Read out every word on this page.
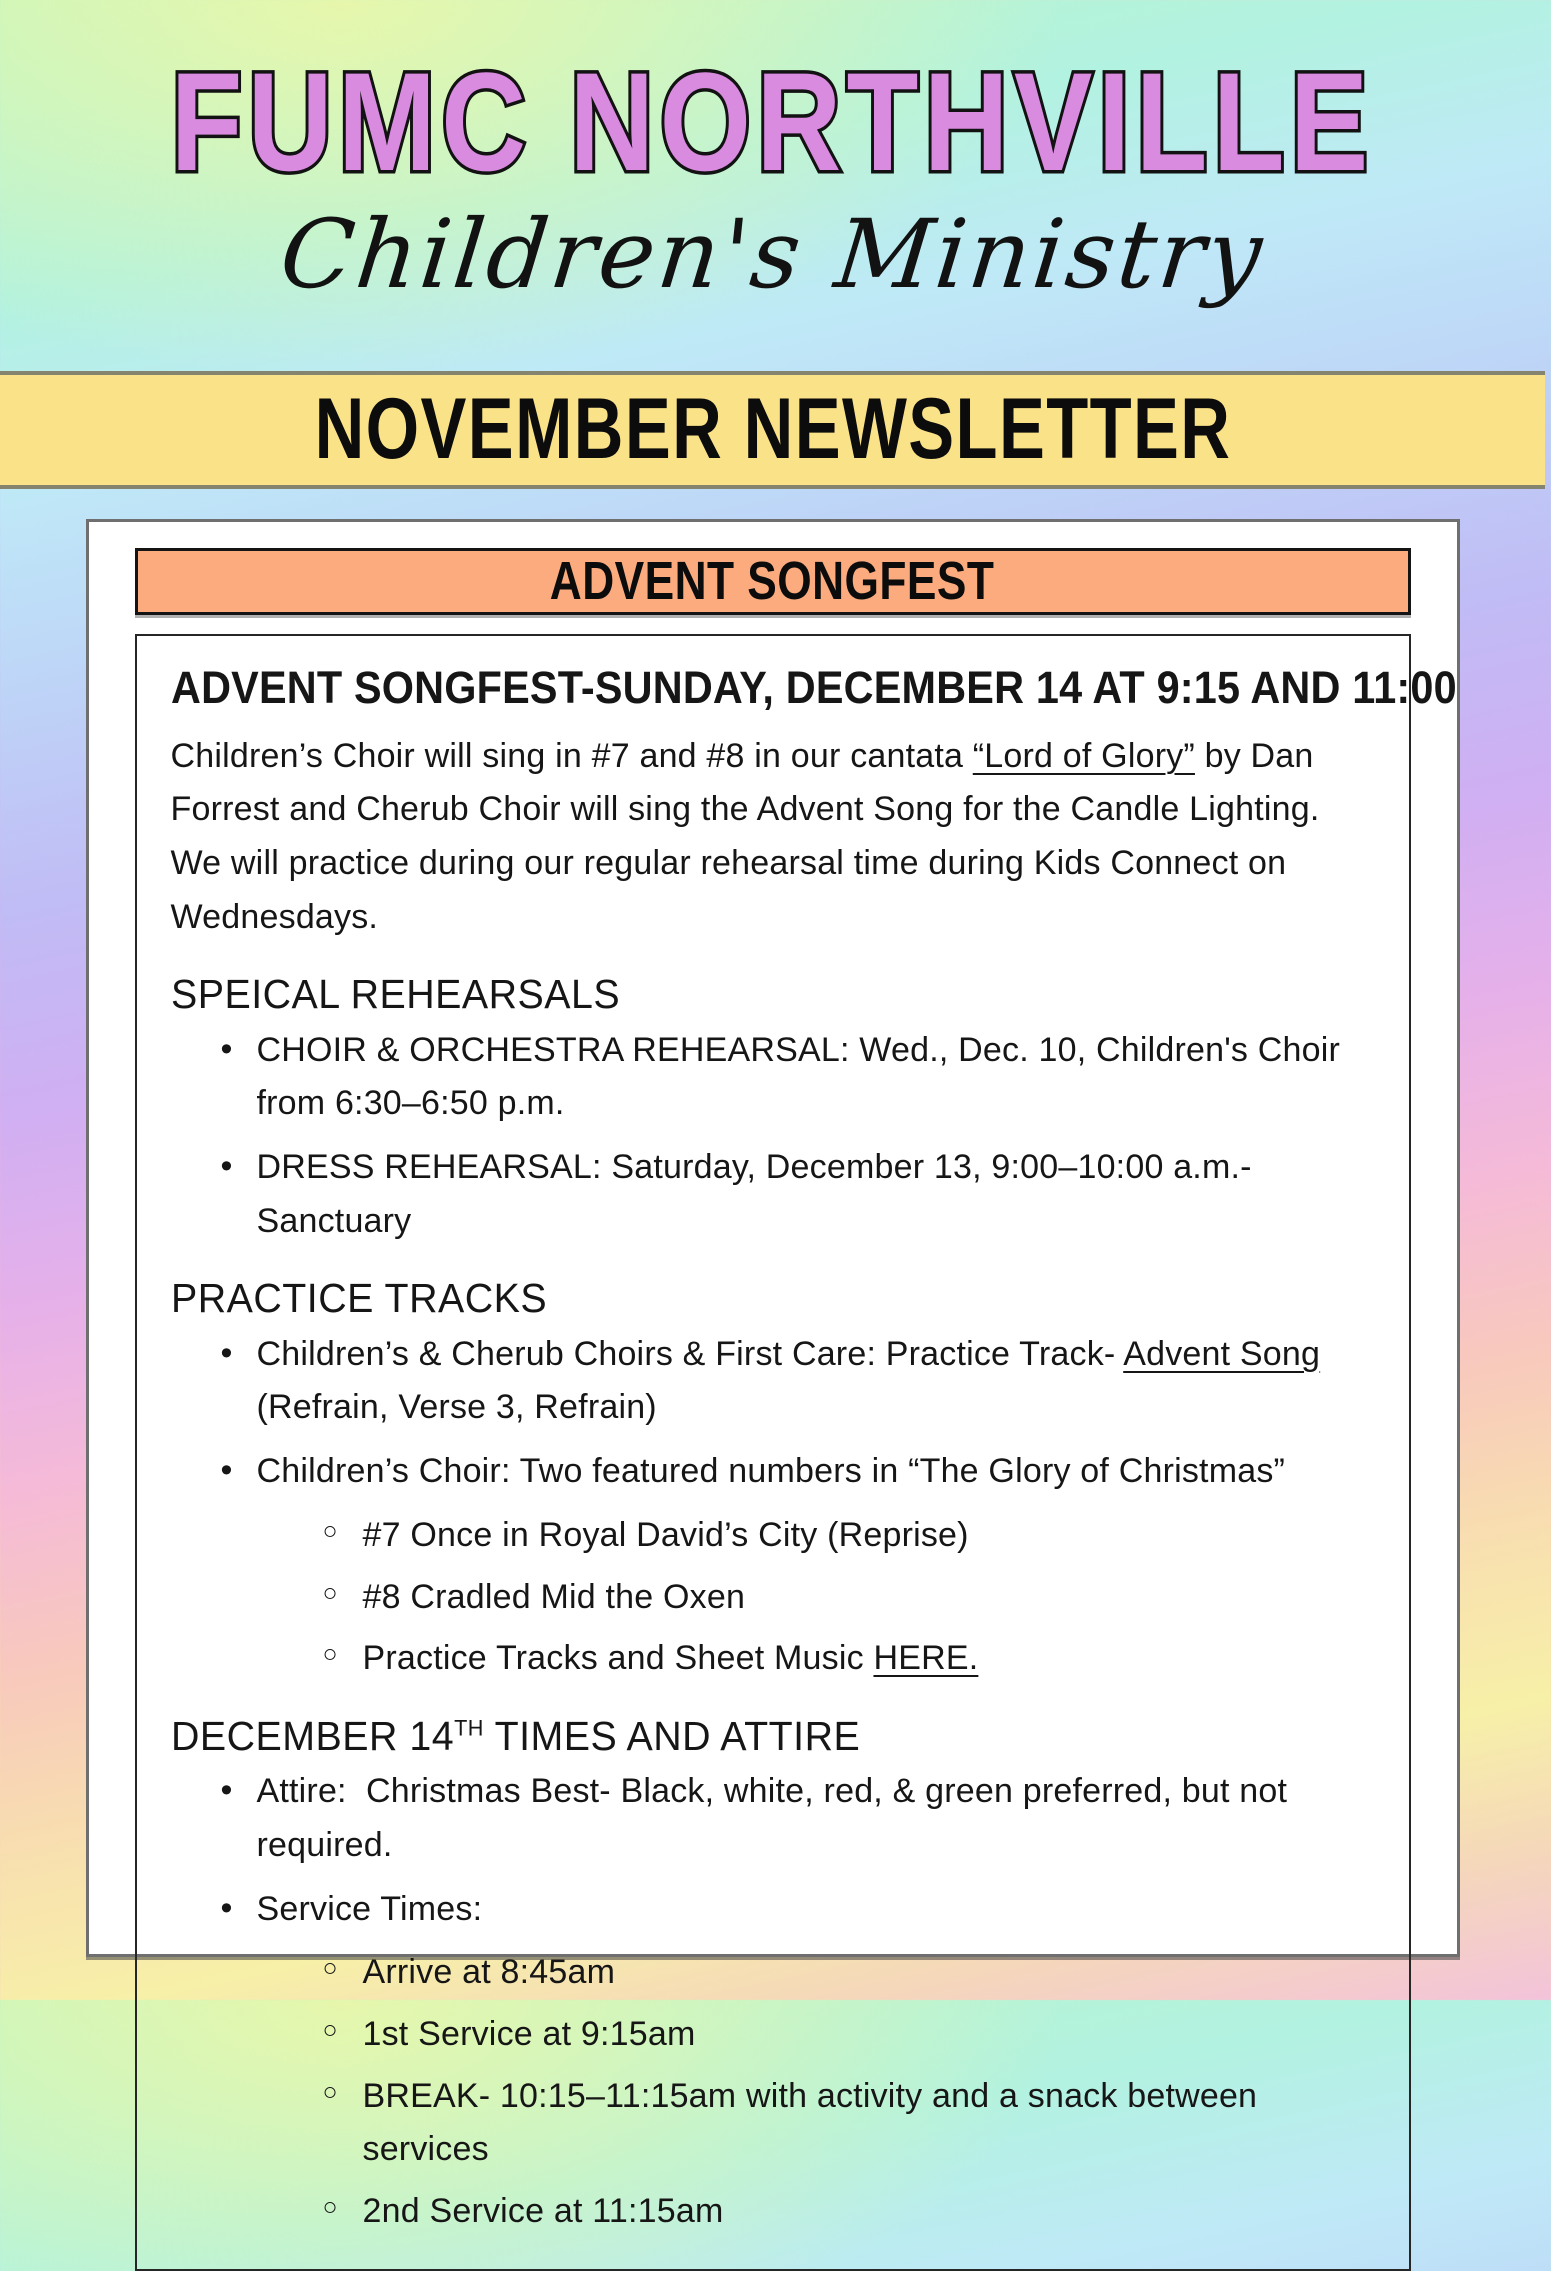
FUMC NORTHVILLE
Children's Ministry
NOVEMBER NEWSLETTER
ADVENT SONGFEST
ADVENT SONGFEST-SUNDAY, DECEMBER 14 AT 9:15 AND 11:00

Children’s Choir will sing in #7 and #8 in our cantata “Lord of Glory” by Dan Forrest and Cherub Choir will sing the Advent Song for the Candle Lighting. We will practice during our regular rehearsal time during Kids Connect on Wednesdays.

SPEICAL REHEARSALS
• CHOIR & ORCHESTRA REHEARSAL: Wed., Dec. 10, Children's Choir from 6:30–6:50 p.m.
• DRESS REHEARSAL: Saturday, December 13, 9:00–10:00 a.m.- Sanctuary
PRACTICE TRACKS
• Children’s & Cherub Choirs & First Care: Practice Track- Advent Song (Refrain, Verse 3, Refrain)
• Children’s Choir: Two featured numbers in “The Glory of Christmas”
○ #7 Once in Royal David’s City (Reprise)
○ #8 Cradled Mid the Oxen
○ Practice Tracks and Sheet Music HERE.
DECEMBER 14TH TIMES AND ATTIRE
• Attire:  Christmas Best- Black, white, red, & green preferred, but not required.
• Service Times:
○ Arrive at 8:45am
○ 1st Service at 9:15am
○ BREAK- 10:15–11:15am with activity and a snack between services
○ 2nd Service at 11:15am
